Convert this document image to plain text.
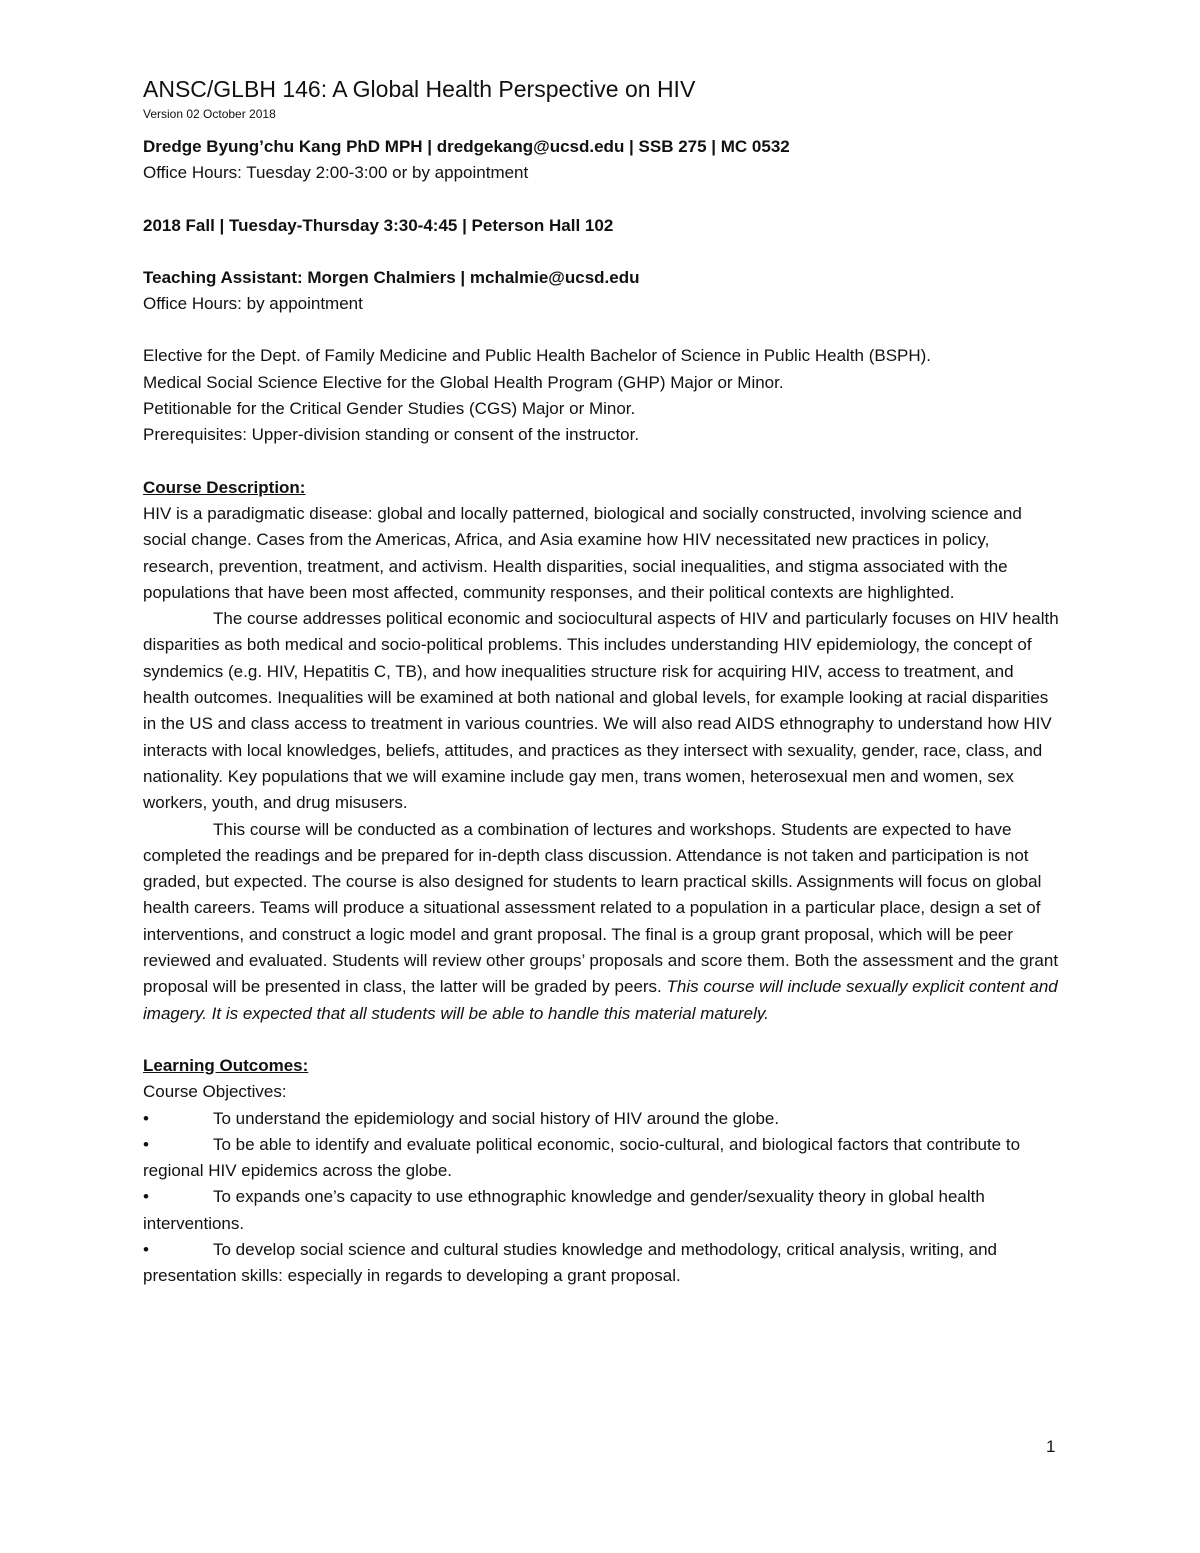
ANSC/GLBH 146: A Global Health Perspective on HIV
Version 02 October 2018

Dredge Byung’chu Kang PhD MPH | dredgekang@ucsd.edu | SSB 275 | MC 0532

Office Hours: Tuesday 2:00-3:00 or by appointment

2018 Fall | Tuesday-Thursday 3:30-4:45 | Peterson Hall 102

Teaching Assistant: Morgen Chalmiers | mchalmie@ucsd.edu

Office Hours: by appointment

Elective for the Dept. of Family Medicine and Public Health Bachelor of Science in Public Health (BSPH).

Medical Social Science Elective for the Global Health Program (GHP) Major or Minor.

Petitionable for the Critical Gender Studies (CGS) Major or Minor.

Prerequisites: Upper-division standing or consent of the instructor.

Course Description:

HIV is a paradigmatic disease: global and locally patterned, biological and socially constructed, involving science and social change. Cases from the Americas, Africa, and Asia examine how HIV necessitated new practices in policy, research, prevention, treatment, and activism. Health disparities, social inequalities, and stigma associated with the populations that have been most affected, community responses, and their political contexts are highlighted.

The course addresses political economic and sociocultural aspects of HIV and particularly focuses on HIV health disparities as both medical and socio-political problems. This includes understanding HIV epidemiology, the concept of syndemics (e.g. HIV, Hepatitis C, TB), and how inequalities structure risk for acquiring HIV, access to treatment, and health outcomes. Inequalities will be examined at both national and global levels, for example looking at racial disparities in the US and class access to treatment in various countries. We will also read AIDS ethnography to understand how HIV interacts with local knowledges, beliefs, attitudes, and practices as they intersect with sexuality, gender, race, class, and nationality. Key populations that we will examine include gay men, trans women, heterosexual men and women, sex workers, youth, and drug misusers.

This course will be conducted as a combination of lectures and workshops. Students are expected to have completed the readings and be prepared for in-depth class discussion. Attendance is not taken and participation is not graded, but expected. The course is also designed for students to learn practical skills. Assignments will focus on global health careers. Teams will produce a situational assessment related to a population in a particular place, design a set of interventions, and construct a logic model and grant proposal. The final is a group grant proposal, which will be peer reviewed and evaluated. Students will review other groups’ proposals and score them. Both the assessment and the grant proposal will be presented in class, the latter will be graded by peers. This course will include sexually explicit content and imagery. It is expected that all students will be able to handle this material maturely.

Learning Outcomes:

Course Objectives:

•	To understand the epidemiology and social history of HIV around the globe.

•	To be able to identify and evaluate political economic, socio-cultural, and biological factors that contribute to regional HIV epidemics across the globe.

•	To expands one’s capacity to use ethnographic knowledge and gender/sexuality theory in global health interventions.

•	To develop social science and cultural studies knowledge and methodology, critical analysis, writing, and presentation skills: especially in regards to developing a grant proposal.

1
